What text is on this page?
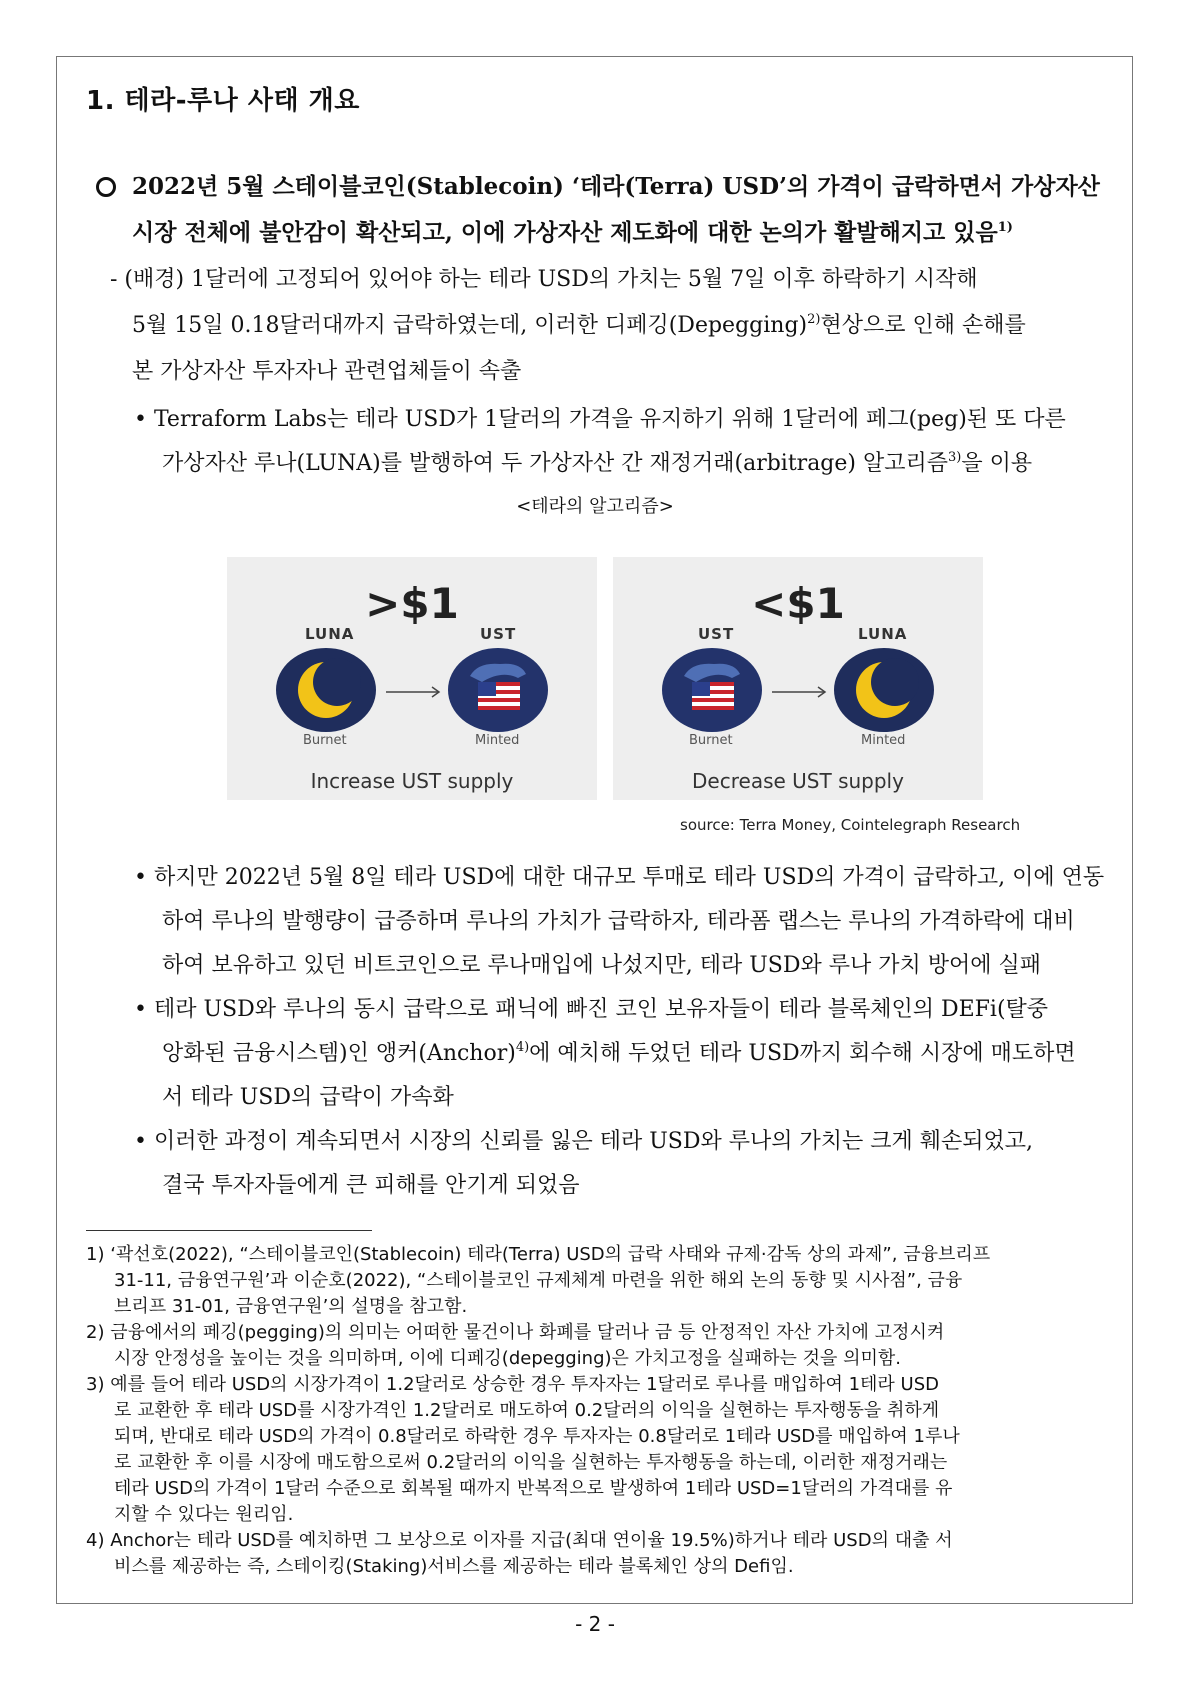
1. 테라-루나 사태 개요
2022년 5월 스테이블코인(Stablecoin) ‘테라(Terra) USD’의 가격이 급락하면서 가상자산
시장 전체에 불안감이 확산되고, 이에 가상자산 제도화에 대한 논의가 활발해지고 있음$^{1)}$
- (배경) 1달러에 고정되어 있어야 하는 테라 USD의 가치는 5월 7일 이후 하락하기 시작해
5월 15일 0.18달러대까지 급락하였는데, 이러한 디페깅(Depegging)$^{2)}$현상으로 인해 손해를
본 가상자산 투자자나 관련업체들이 속출
• Terraform Labs는 테라 USD가 1달러의 가격을 유지하기 위해 1달러에 페그(peg)된 또 다른
가상자산 루나(LUNA)를 발행하여 두 가상자산 간 재정거래(arbitrage) 알고리즘$^{3)}$을 이용
<테라의 알고리즘>
>$1
LUNA	UST
Burnet	Minted
Increase UST supply
<$1
UST	LUNA
Burnet	Minted
Decrease UST supply
source: Terra Money, Cointelegraph Research
• 하지만 2022년 5월 8일 테라 USD에 대한 대규모 투매로 테라 USD의 가격이 급락하고, 이에 연동
하여 루나의 발행량이 급증하며 루나의 가치가 급락하자, 테라폼 랩스는 루나의 가격하락에 대비
하여 보유하고 있던 비트코인으로 루나매입에 나섰지만, 테라 USD와 루나 가치 방어에 실패
• 테라 USD와 루나의 동시 급락으로 패닉에 빠진 코인 보유자들이 테라 블록체인의 DEFi(탈중
앙화된 금융시스템)인 앵커(Anchor)$^{4)}$에 예치해 두었던 테라 USD까지 회수해 시장에 매도하면
서 테라 USD의 급락이 가속화
• 이러한 과정이 계속되면서 시장의 신뢰를 잃은 테라 USD와 루나의 가치는 크게 훼손되었고,
결국 투자자들에게 큰 피해를 안기게 되었음
1) ‘곽선호(2022), “스테이블코인(Stablecoin) 테라(Terra) USD의 급락 사태와 규제·감독 상의 과제”, 금융브리프
31-11, 금융연구원’과 이순호(2022), “스테이블코인 규제체계 마련을 위한 해외 논의 동향 및 시사점”, 금융
브리프 31-01, 금융연구원’의 설명을 참고함.
2) 금융에서의 페깅(pegging)의 의미는 어떠한 물건이나 화폐를 달러나 금 등 안정적인 자산 가치에 고정시켜
시장 안정성을 높이는 것을 의미하며, 이에 디페깅(depegging)은 가치고정을 실패하는 것을 의미함.
3) 예를 들어 테라 USD의 시장가격이 1.2달러로 상승한 경우 투자자는 1달러로 루나를 매입하여 1테라 USD
로 교환한 후 테라 USD를 시장가격인 1.2달러로 매도하여 0.2달러의 이익을 실현하는 투자행동을 취하게
되며, 반대로 테라 USD의 가격이 0.8달러로 하락한 경우 투자자는 0.8달러로 1테라 USD를 매입하여 1루나
로 교환한 후 이를 시장에 매도함으로써 0.2달러의 이익을 실현하는 투자행동을 하는데, 이러한 재정거래는
테라 USD의 가격이 1달러 수준으로 회복될 때까지 반복적으로 발생하여 1테라 USD=1달러의 가격대를 유
지할 수 있다는 원리임.
4) Anchor는 테라 USD를 예치하면 그 보상으로 이자를 지급(최대 연이율 19.5%)하거나 테라 USD의 대출 서
비스를 제공하는 즉, 스테이킹(Staking)서비스를 제공하는 테라 블록체인 상의 Defi임.
- 2 -
